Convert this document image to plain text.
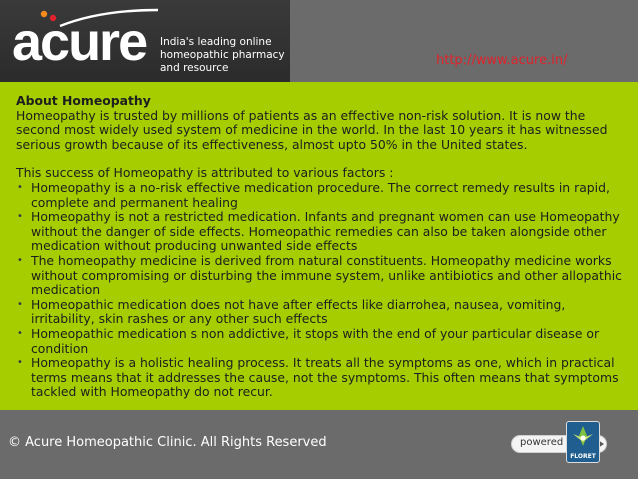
acure India's leading online
homeopathic pharmacy
and resource	http://www.acure.in/

About Homeopathy

Homeopathy is trusted by millions of patients as an effective non-risk solution. It is now the second most widely used system of medicine in the world. In the last 10 years it has witnessed serious growth because of its effectiveness, almost upto 50% in the United states.

This success of Homeopathy is attributed to various factors :

• Homeopathy is a no-risk effective medication procedure. The correct remedy results in rapid, complete and permanent healing
• Homeopathy is not a restricted medication. Infants and pregnant women can use Homeopathy without the danger of side effects. Homeopathic remedies can also be taken alongside other medication without producing unwanted side effects
• The homeopathy medicine is derived from natural constituents. Homeopathy medicine works without compromising or disturbing the immune system, unlike antibiotics and other allopathic medication
• Homeopathic medication does not have after effects like diarrohea, nausea, vomiting, irritability, skin rashes or any other such effects
• Homeopathic medication s non addictive, it stops with the end of your particular disease or condition
• Homeopathy is a holistic healing process. It treats all the symptoms as one, which in practical terms means that it addresses the cause, not the symptoms. This often means that symptoms tackled with Homeopathy do not recur.
© Acure Homeopathic Clinic. All Rights Reserved	powered
FLORET
